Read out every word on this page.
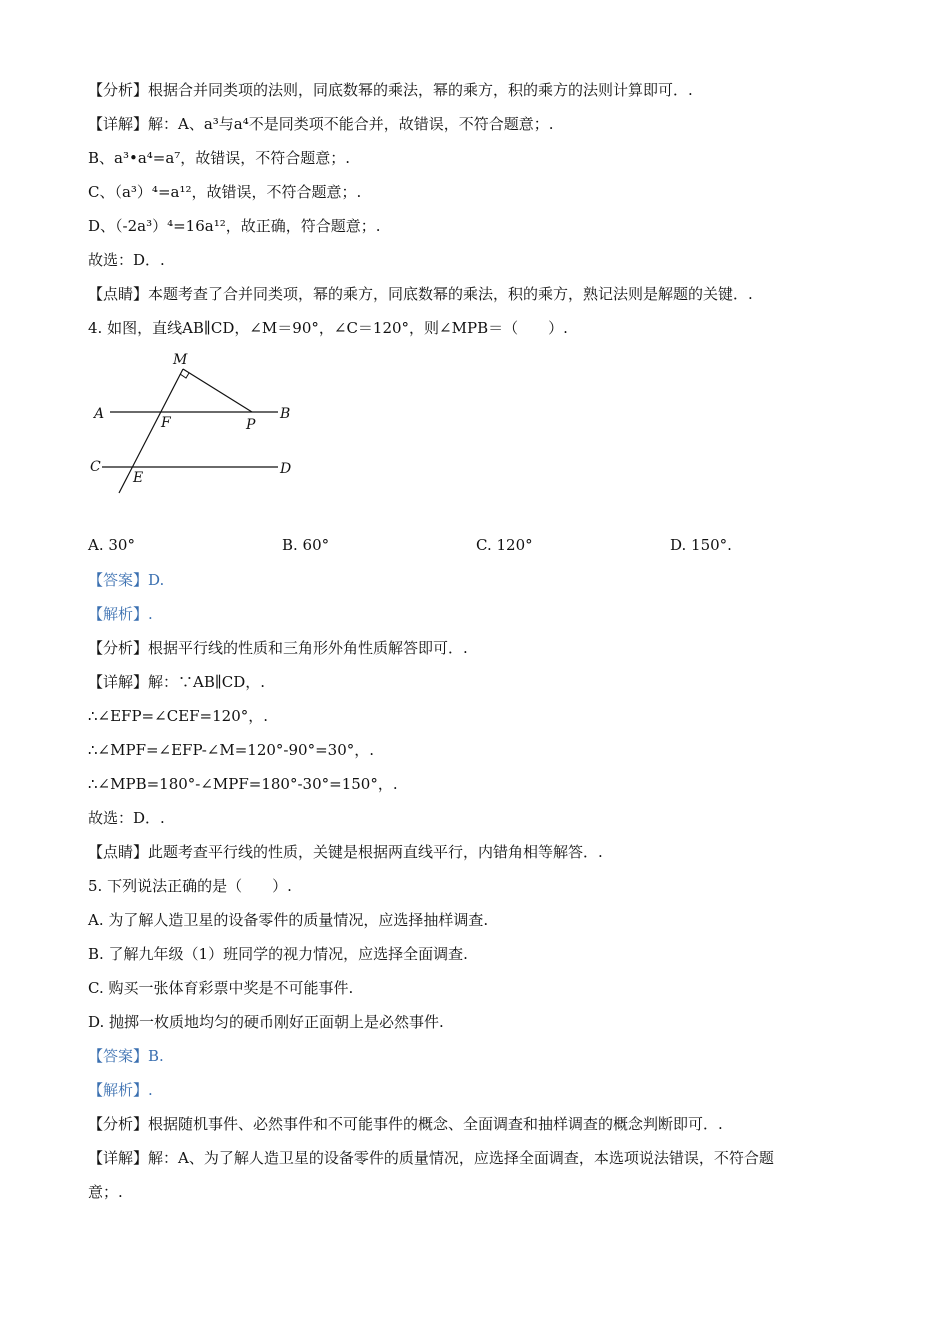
【分析】根据合并同类项的法则，同底数幂的乘法，幂的乘方，积的乘方的法则计算即可．.
【详解】解：A、a³与a⁴不是同类项不能合并，故错误，不符合题意；.
B、a³•a⁴=a⁷，故错误，不符合题意；.
C、（a³）⁴=a¹²，故错误，不符合题意；.
D、（-2a³）⁴=16a¹²，故正确，符合题意；.
故选：D．.
【点睛】本题考查了合并同类项，幂的乘方，同底数幂的乘法，积的乘方，熟记法则是解题的关键．.
4. 如图，直线AB∥CD，∠M＝90°，∠C＝120°，则∠MPB＝（　　）.
M
A	B
F	P
C	D
E
A. 30°	B. 60°	C. 120°	D. 150°.
【答案】D.
【解析】.
【分析】根据平行线的性质和三角形外角性质解答即可．.
【详解】解：∵AB∥CD，.
∴∠EFP=∠CEF=120°，.
∴∠MPF=∠EFP-∠M=120°-90°=30°，.
∴∠MPB=180°-∠MPF=180°-30°=150°，.
故选：D．.
【点睛】此题考查平行线的性质，关键是根据两直线平行，内错角相等解答．.
5. 下列说法正确的是（　　）.
A. 为了解人造卫星的设备零件的质量情况，应选择抽样调查.
B. 了解九年级（1）班同学的视力情况，应选择全面调查.
C. 购买一张体育彩票中奖是不可能事件.
D. 抛掷一枚质地均匀的硬币刚好正面朝上是必然事件.
【答案】B.
【解析】.
【分析】根据随机事件、必然事件和不可能事件的概念、全面调查和抽样调查的概念判断即可．.
【详解】解：A、为了解人造卫星的设备零件的质量情况，应选择全面调查，本选项说法错误，不符合题
意；.
